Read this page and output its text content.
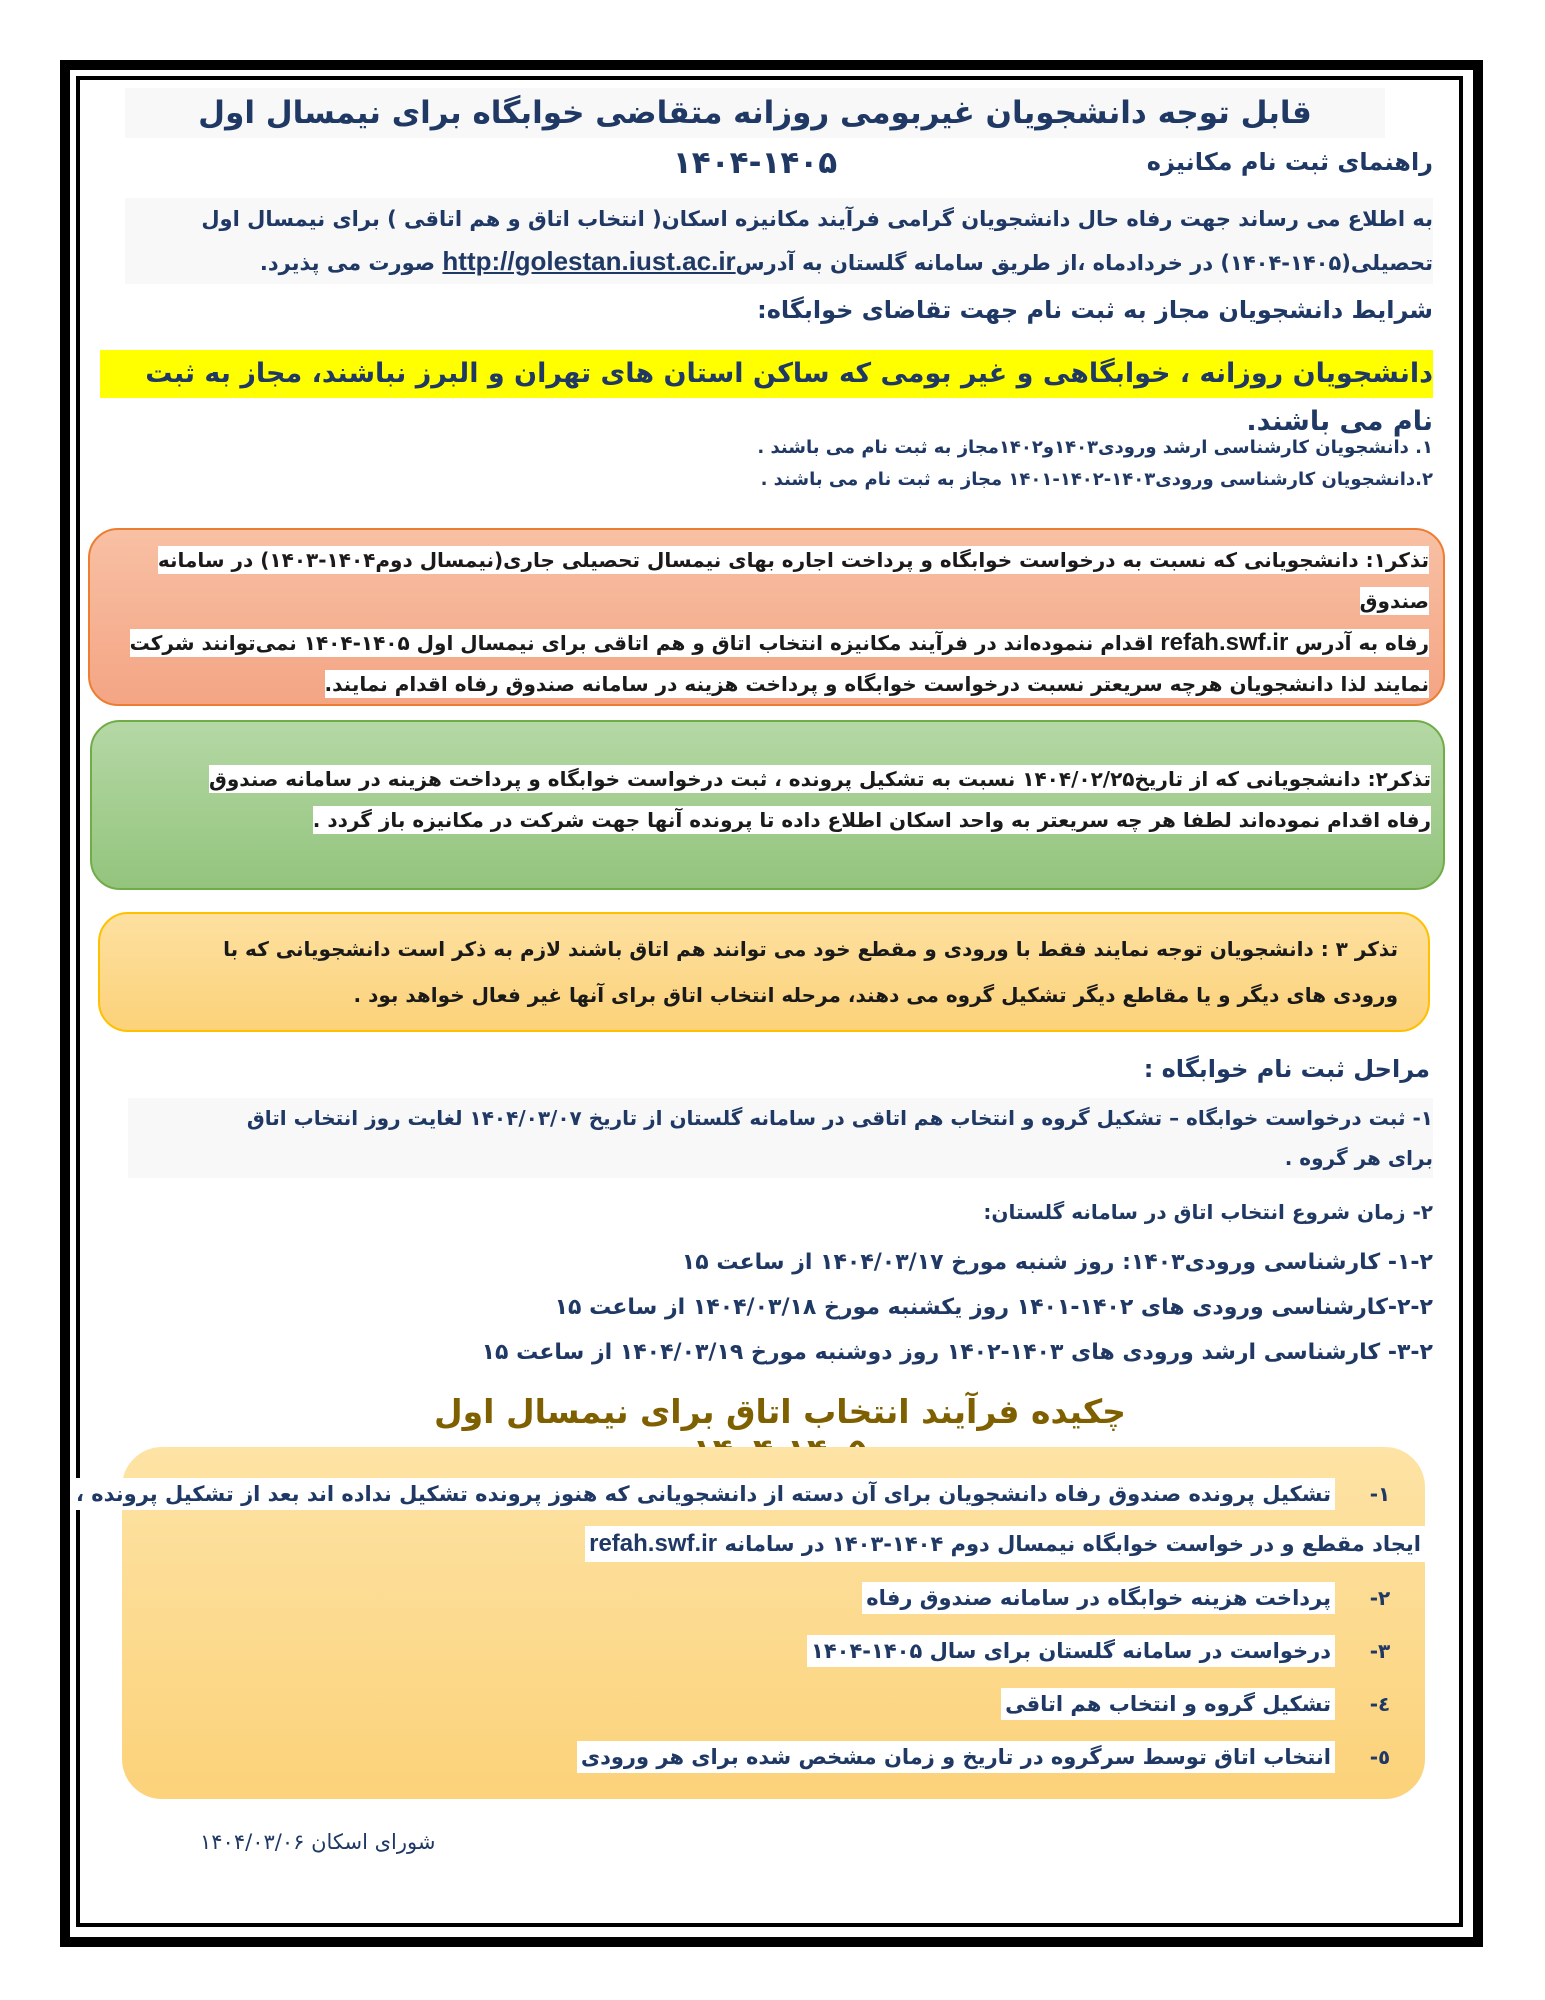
قابل توجه دانشجویان غیربومی روزانه متقاضی خوابگاه برای نیمسال اول ۱۴۰۵-۱۴۰۴	راهنمای ثبت نام مکانیزه
به اطلاع می رساند جهت رفاه حال دانشجویان گرامی فرآیند مکانیزه اسکان( انتخاب اتاق و هم اتاقی ) برای نیمسال اول
تحصیلی(۱۴۰۵-۱۴۰۴) در خردادماه ،از طریق سامانه گلستان به آدرسhttp://golestan.iust.ac.ir صورت می پذیرد.
شرایط دانشجویان مجاز به ثبت نام جهت تقاضای خوابگاه:
دانشجویان روزانه ، خوابگاهی و غیر بومی که ساکن استان های تهران و البرز نباشند، مجاز به ثبت نام می باشند.
۱. دانشجویان کارشناسی ارشد ورودی۱۴۰۳و۱۴۰۲مجاز به ثبت نام می باشند .
۲.دانشجویان کارشناسی ورودی۱۴۰۳-۱۴۰۲-۱۴۰۱ مجاز به ثبت نام می باشند .
تذکر۱: دانشجویانی که نسبت به درخواست خوابگاه و پرداخت اجاره بهای نیمسال تحصیلی جاری(نیمسال دوم۱۴۰۴-۱۴۰۳) در سامانه صندوق
رفاه به آدرس refah.swf.ir اقدام ننموده‌اند در فرآیند مکانیزه انتخاب اتاق و هم اتاقی برای نیمسال اول ۱۴۰۵-۱۴۰۴ نمی‌توانند شرکت
نمایند لذا دانشجویان هرچه سریعتر نسبت درخواست خوابگاه و پرداخت هزینه در سامانه صندوق رفاه اقدام نمایند.
تذکر۲: دانشجویانی که از تاریخ۱۴۰۴/۰۲/۲۵ نسبت به تشکیل پرونده ، ثبت درخواست خوابگاه و پرداخت هزینه در سامانه صندوق
رفاه اقدام نموده‌اند لطفا هر چه سریعتر به واحد اسکان اطلاع داده تا پرونده آنها جهت شرکت در مکانیزه باز گردد .
تذکر ۳ : دانشجویان توجه نمایند فقط با ورودی و مقطع خود می توانند هم اتاق باشند لازم به ذکر است دانشجویانی که با
ورودی های دیگر و یا مقاطع دیگر تشکیل گروه می دهند، مرحله انتخاب اتاق برای آنها غیر فعال خواهد بود .
مراحل ثبت نام خوابگاه :
۱- ثبت درخواست خوابگاه – تشکیل گروه و انتخاب هم اتاقی در سامانه گلستان از تاریخ ۱۴۰۴/۰۳/۰۷ لغایت روز انتخاب اتاق
برای هر گروه .
۲- زمان شروع انتخاب اتاق در سامانه گلستان:
۱-۲- کارشناسی ورودی۱۴۰۳: روز شنبه مورخ ۱۴۰۴/۰۳/۱۷ از ساعت ۱۵
۲-۲-کارشناسی ورودی های ۱۴۰۲-۱۴۰۱ روز یکشنبه مورخ ۱۴۰۴/۰۳/۱۸ از ساعت ۱۵
۳-۲- کارشناسی ارشد ورودی های ۱۴۰۳-۱۴۰۲ روز دوشنبه مورخ ۱۴۰۴/۰۳/۱۹ از ساعت ۱۵
چکیده فرآیند انتخاب اتاق برای نیمسال اول
۱-
تشکیل پرونده صندوق رفاه دانشجویان برای آن دسته از دانشجویانی که هنوز پرونده تشکیل نداده اند بعد از تشکیل پرونده ،
ایجاد مقطع و در خواست خوابگاه نیمسال دوم ۱۴۰۴-۱۴۰۳ در سامانه refah.swf.ir
۲-
پرداخت هزینه خوابگاه در سامانه صندوق رفاه
۳-
درخواست در سامانه گلستان برای سال ۱۴۰۵-۱۴۰۴
٤-
تشکیل گروه و انتخاب هم اتاقی
٥-
انتخاب اتاق توسط سرگروه در تاریخ و زمان مشخص شده برای هر ورودی
شورای اسکان ۱۴۰۴/۰۳/۰۶
